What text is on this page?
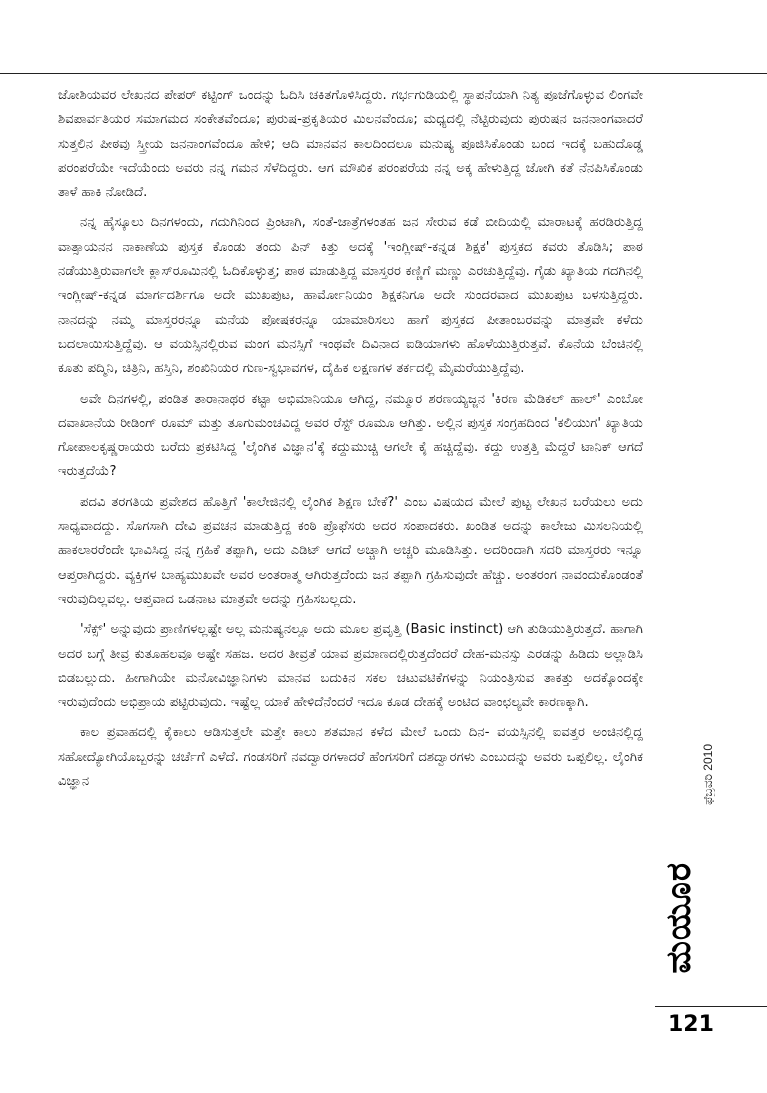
ಜೋಶಿಯವರ ಲೇಖನದ ಪೇಪರ್ ಕಟ್ಟಿಂಗ್ ಒಂದನ್ನು ಓದಿಸಿ ಚಕಿತಗೊಳಿಸಿದ್ದರು. ಗರ್ಭಗುಡಿಯಲ್ಲಿ ಸ್ಥಾಪನೆಯಾಗಿ ನಿತ್ಯ ಪೂಜೆಗೊಳ್ಳುವ ಲಿಂಗವೇ ಶಿವಪಾರ್ವತಿಯರ ಸಮಾಗಮದ ಸಂಕೇತವೆಂದೂ; ಪುರುಷ-ಪ್ರಕೃತಿಯರ ಮಿಲನವೆಂದೂ; ಮಧ್ಯದಲ್ಲಿ ನೆಟ್ಟಿರುವುದು ಪುರುಷನ ಜನನಾಂಗವಾದರೆ ಸುತ್ತಲಿನ ಪೀಠವು ಸ್ತ್ರೀಯ ಜನನಾಂಗವೆಂದೂ ಹೇಳಿ; ಆದಿ ಮಾನವನ ಕಾಲದಿಂದಲೂ ಮನುಷ್ಯ ಪೂಜಿಸಿಕೊಂಡು ಬಂದ ಇದಕ್ಕೆ ಬಹುದೊಡ್ಡ ಪರಂಪರೆಯೇ ಇದೆಯೆಂದು ಅವರು ನನ್ನ ಗಮನ ಸೆಳೆದಿದ್ದರು. ಆಗ ಮೌಖಿಕ ಪರಂಪರೆಯ ನನ್ನ ಅಕ್ಕ ಹೇಳುತ್ತಿದ್ದ ಜೋಗಿ ಕತೆ ನೆನಪಿಸಿಕೊಂಡು ತಾಳೆ ಹಾಕಿ ನೋಡಿದೆ.

ನನ್ನ ಹೈಸ್ಕೂಲು ದಿನಗಳಂದು, ಗದುಗಿನಿಂದ ಪ್ರಿಂಟಾಗಿ, ಸಂತೆ-ಜಾತ್ರೆಗಳಂತಹ ಜನ ಸೇರುವ ಕಡೆ ಬೀದಿಯಲ್ಲಿ ಮಾರಾಟಕ್ಕೆ ಹರಡಿರುತ್ತಿದ್ದ ವಾತ್ಸಾಯನನ ನಾಕಾಣೆಯ ಪುಸ್ತಕ ಕೊಂಡು ತಂದು ಪಿನ್ ಕಿತ್ತು ಅದಕ್ಕೆ 'ಇಂಗ್ಲೀಷ್-ಕನ್ನಡ ಶಿಕ್ಷಕ' ಪುಸ್ತಕದ ಕವರು ತೊಡಿಸಿ; ಪಾಠ ನಡೆಯುತ್ತಿರುವಾಗಲೇ ಕ್ಲಾಸ್‌ರೂಮಿನಲ್ಲಿ ಓದಿಕೊಳ್ಳುತ್ತ; ಪಾಠ ಮಾಡುತ್ತಿದ್ದ ಮಾಸ್ತರರ ಕಣ್ಣಿಗೆ ಮಣ್ಣು ಎರಚುತ್ತಿದ್ದೆವು. ಗೈಡು ಖ್ಯಾತಿಯ ಗದಗಿನಲ್ಲಿ ಇಂಗ್ಲೀಷ್-ಕನ್ನಡ ಮಾರ್ಗದರ್ಶಿಗೂ ಅದೇ ಮುಖಪುಟ, ಹಾರ್ಮೋನಿಯಂ ಶಿಕ್ಷಕನಿಗೂ ಅದೇ ಸುಂದರವಾದ ಮುಖಪುಟ ಬಳಸುತ್ತಿದ್ದರು. ನಾನದನ್ನು ನಮ್ಮ ಮಾಸ್ತರರನ್ನೂ ಮನೆಯ ಪೋಷಕರನ್ನೂ ಯಾಮಾರಿಸಲು ಹಾಗೆ ಪುಸ್ತಕದ ಪೀತಾಂಬರವನ್ನು ಮಾತ್ರವೇ ಕಳೆದು ಬದಲಾಯಿಸುತ್ತಿದ್ದೆವು. ಆ ವಯಸ್ಸಿನಲ್ಲಿರುವ ಮಂಗ ಮನಸ್ಸಿಗೆ ಇಂಥವೇ ದಿವಿನಾದ ಐಡಿಯಾಗಳು ಹೊಳೆಯುತ್ತಿರುತ್ತವೆ. ಕೊನೆಯ ಬೆಂಚಿನಲ್ಲಿ ಕೂತು ಪದ್ಮಿನಿ, ಚಿತ್ರಿನಿ, ಹಸ್ತಿನಿ, ಶಂಖಿನಿಯರ ಗುಣ-ಸ್ವಭಾವಗಳ, ದೈಹಿಕ ಲಕ್ಷಣಗಳ ತರ್ಕದಲ್ಲಿ ಮೈಮರೆಯುತ್ತಿದ್ದೆವು.

ಅವೇ ದಿನಗಳಲ್ಲಿ, ಪಂಡಿತ ತಾರಾನಾಥರ ಕಟ್ಟಾ ಅಭಿಮಾನಿಯೂ ಆಗಿದ್ದ, ನಮ್ಮೂರ ಶರಣಯ್ಯಜ್ಜನ 'ಕಿರಣ ಮೆಡಿಕಲ್ ಹಾಲ್' ಎಂಬೋ ದವಾಖಾನೆಯ ರೀಡಿಂಗ್ ರೂಮ್ ಮತ್ತು ತೂಗುಮಂಚವಿದ್ದ ಅವರ ರೆಸ್ಟ್ ರೂಮೂ ಆಗಿತ್ತು. ಅಲ್ಲಿನ ಪುಸ್ತಕ ಸಂಗ್ರಹದಿಂದ 'ಕಲಿಯುಗ' ಖ್ಯಾತಿಯ ಗೋಪಾಲಕೃಷ್ಣರಾಯರು ಬರೆದು ಪ್ರಕಟಿಸಿದ್ದ 'ಲೈಂಗಿಕ ವಿಜ್ಞಾನ'ಕ್ಕೆ ಕದ್ದುಮುಚ್ಚಿ ಆಗಲೇ ಕೈ ಹಚ್ಚಿದ್ದೆವು. ಕದ್ದು ಉತ್ತತ್ತಿ ಮೆದ್ದರೆ ಟಾನಿಕ್ ಆಗದೆ ಇರುತ್ತದೆಯೆ?

ಪದವಿ ತರಗತಿಯ ಪ್ರವೇಶದ ಹೊತ್ತಿಗೆ 'ಕಾಲೇಜಿನಲ್ಲಿ ಲೈಂಗಿಕ ಶಿಕ್ಷಣ ಬೇಕೆ?' ಎಂಬ ವಿಷಯದ ಮೇಲೆ ಪುಟ್ಟ ಲೇಖನ ಬರೆಯಲು ಅದು ಸಾಧ್ಯವಾದದ್ದು. ಸೊಗಸಾಗಿ ದೇವಿ ಪ್ರವಚನ ಮಾಡುತ್ತಿದ್ದ ಕಂಠಿ ಪ್ರೊಫೆಸರು ಅದರ ಸಂಪಾದಕರು. ಖಂಡಿತ ಅದನ್ನು ಕಾಲೇಜು ಮಿಸಲನಿಯಲ್ಲಿ ಹಾಕಲಾರರೆಂದೇ ಭಾವಿಸಿದ್ದ ನನ್ನ ಗ್ರಹಿಕೆ ತಪ್ಪಾಗಿ, ಅದು ಎಡಿಟ್ ಆಗದೆ ಅಚ್ಚಾಗಿ ಅಚ್ಚರಿ ಮೂಡಿಸಿತ್ತು. ಅದರಿಂದಾಗಿ ಸದರಿ ಮಾಸ್ತರರು ಇನ್ನೂ ಆಪ್ತರಾಗಿದ್ದರು. ವ್ಯಕ್ತಿಗಳ ಬಾಹ್ಯಮುಖವೇ ಅವರ ಅಂತರಾತ್ಮ ಆಗಿರುತ್ತದೆಂದು ಜನ ತಪ್ಪಾಗಿ ಗ್ರಹಿಸುವುದೇ ಹೆಚ್ಚು. ಅಂತರಂಗ ನಾವಂದುಕೊಂಡಂತೆ ಇರುವುದಿಲ್ಲವಲ್ಲ. ಆಪ್ತವಾದ ಒಡನಾಟ ಮಾತ್ರವೇ ಅದನ್ನು ಗ್ರಹಿಸಬಲ್ಲದು.

'ಸೆಕ್ಸ್' ಅನ್ನುವುದು ಪ್ರಾಣಿಗಳಲ್ಲಷ್ಟೇ ಅಲ್ಲ ಮನುಷ್ಯನಲ್ಲೂ ಅದು ಮೂಲ ಪ್ರವೃತ್ತಿ (Basic instinct) ಆಗಿ ತುಡಿಯುತ್ತಿರುತ್ತದೆ. ಹಾಗಾಗಿ ಅದರ ಬಗ್ಗೆ ತೀವ್ರ ಕುತೂಹಲವೂ ಅಷ್ಟೇ ಸಹಜ. ಅದರ ತೀವ್ರತೆ ಯಾವ ಪ್ರಮಾಣದಲ್ಲಿರುತ್ತದೆಂದರೆ ದೇಹ-ಮನಸ್ಸು ಎರಡನ್ನು ಹಿಡಿದು ಅಲ್ಲಾಡಿಸಿ ಬಿಡಬಲ್ಲುದು. ಹೀಗಾಗಿಯೇ ಮನೋವಿಜ್ಞಾನಿಗಳು ಮಾನವ ಬದುಕಿನ ಸಕಲ ಚಟುವಟಿಕೆಗಳನ್ನು ನಿಯಂತ್ರಿಸುವ ತಾಕತ್ತು ಅದಕ್ಕೊಂದಕ್ಕೇ ಇರುವುದೆಂದು ಅಭಿಪ್ರಾಯ ಪಟ್ಟಿರುವುದು. ಇಷ್ಟೆಲ್ಲ ಯಾಕೆ ಹೇಳಿದೆನೆಂದರೆ ಇದೂ ಕೂಡ ದೇಹಕ್ಕೆ ಅಂಟಿದ ವಾಂಛಲ್ಯವೇ ಕಾರಣಕ್ಕಾಗಿ.

ಕಾಲ ಪ್ರವಾಹದಲ್ಲಿ ಕೈಕಾಲು ಆಡಿಸುತ್ತಲೇ ಮತ್ತೇ ಕಾಲು ಶತಮಾನ ಕಳೆದ ಮೇಲೆ ಒಂದು ದಿನ- ವಯಸ್ಸಿನಲ್ಲಿ ಐವತ್ತರ ಅಂಚಿನಲ್ಲಿದ್ದ ಸಹೋದ್ಯೋಗಿಯೊಬ್ಬರನ್ನು ಚರ್ಚೆಗೆ ಎಳೆದೆ. ಗಂಡಸರಿಗೆ ನವದ್ವಾರಗಳಾದರೆ ಹೆಂಗಸರಿಗೆ ದಶದ್ವಾರಗಳು ಎಂಬುದನ್ನು ಅವರು ಒಪ್ಪಲಿಲ್ಲ. ಲೈಂಗಿಕ ವಿಜ್ಞಾನ	ಫೆಬ್ರವರಿ 2010
ಮಯೂರ
121
